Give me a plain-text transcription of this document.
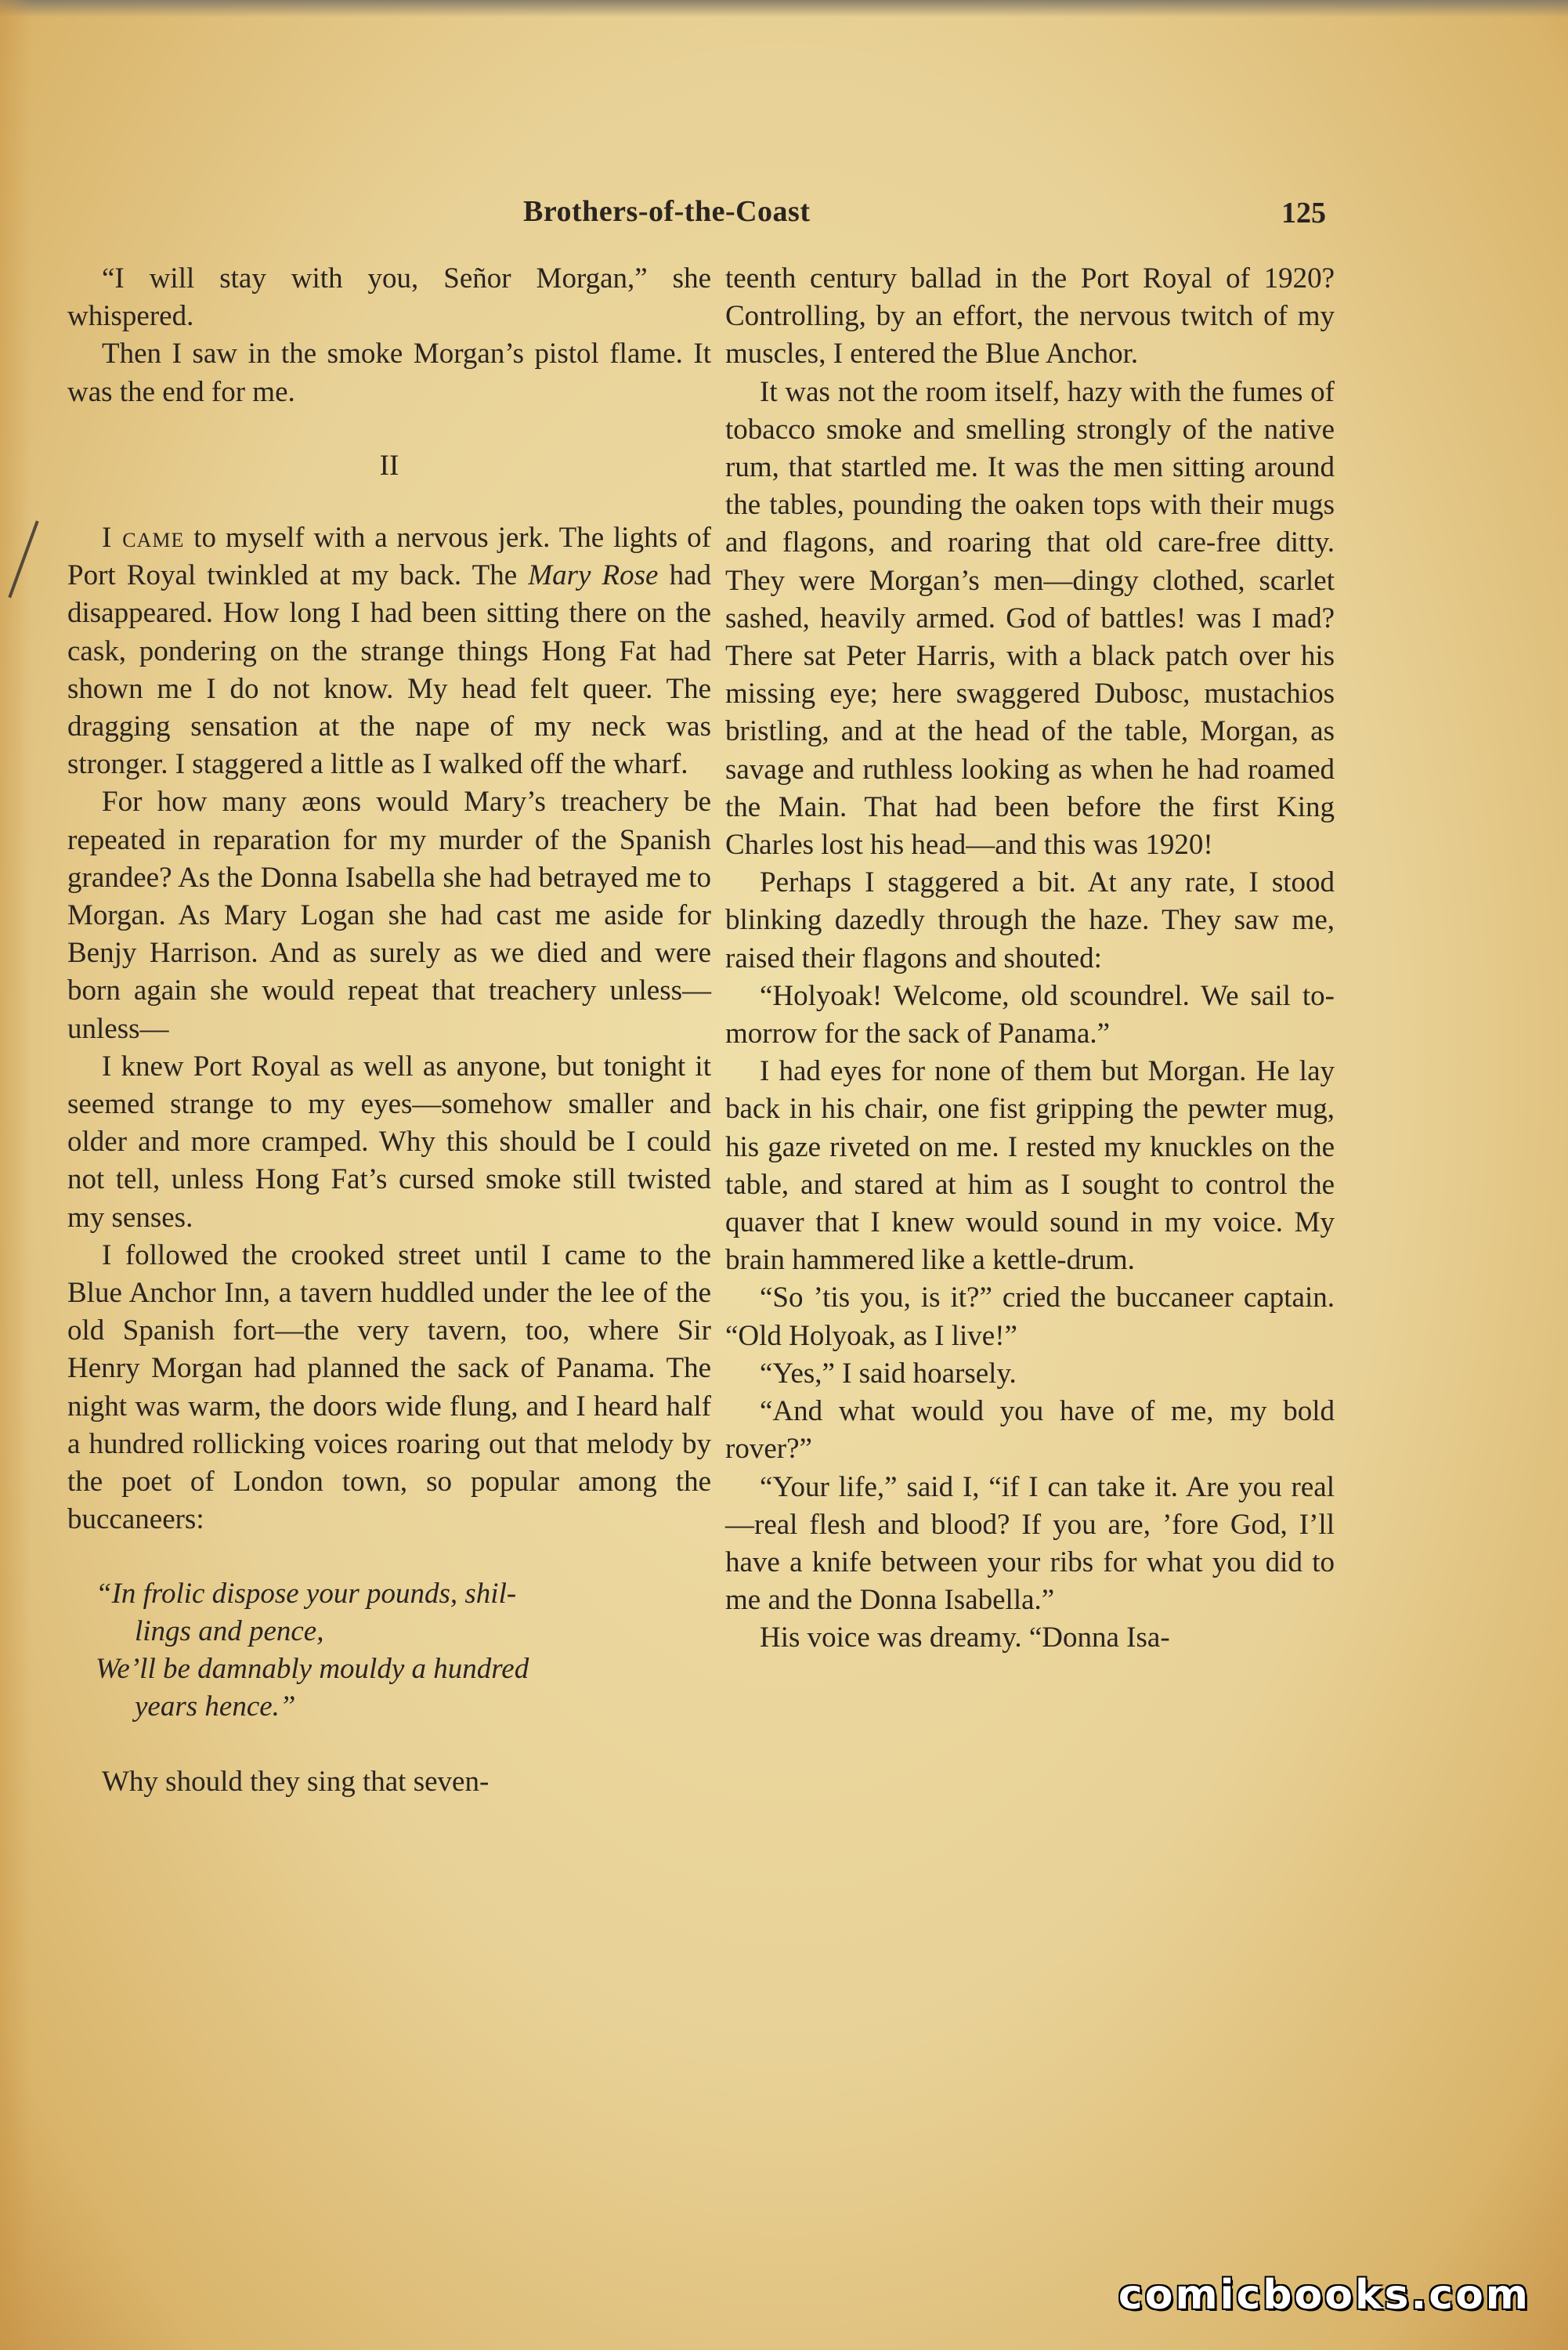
Brothers-of-the-Coast	125

“I will stay with you, Señor Morgan,” she whispered.

Then I saw in the smoke Morgan’s pistol flame. It was the end for me.

II

I came to myself with a nervous jerk. The lights of Port Royal twinkled at my back. The Mary Rose had disappeared. How long I had been sitting there on the cask, pondering on the strange things Hong Fat had shown me I do not know. My head felt queer. The dragging sensation at the nape of my neck was stronger. I staggered a little as I walked off the wharf.

For how many æons would Mary’s treachery be repeated in reparation for my murder of the Spanish grandee? As the Donna Isabella she had betrayed me to Morgan. As Mary Logan she had cast me aside for Benjy Harrison. And as surely as we died and were born again she would repeat that treachery unless—unless—

I knew Port Royal as well as anyone, but tonight it seemed strange to my eyes—somehow smaller and older and more cramped. Why this should be I could not tell, unless Hong Fat’s cursed smoke still twisted my senses.

I followed the crooked street until I came to the Blue Anchor Inn, a tavern huddled under the lee of the old Spanish fort—the very tavern, too, where Sir Henry Morgan had planned the sack of Panama. The night was warm, the doors wide flung, and I heard half a hundred rollicking voices roaring out that melody by the poet of London town, so popular among the buccaneers:

“In frolic dispose your pounds, shil-
lings and pence,
We’ll be damnably mouldy a hundred
years hence.”

Why should they sing that seven-

teenth century ballad in the Port Royal of 1920? Controlling, by an effort, the nervous twitch of my muscles, I entered the Blue Anchor.

It was not the room itself, hazy with the fumes of tobacco smoke and smelling strongly of the native rum, that startled me. It was the men sitting around the tables, pounding the oaken tops with their mugs and flagons, and roaring that old care-free ditty. They were Morgan’s men—dingy clothed, scarlet sashed, heavily armed. God of battles! was I mad? There sat Peter Harris, with a black patch over his missing eye; here swaggered Dubosc, mustachios bristling, and at the head of the table, Morgan, as savage and ruthless looking as when he had roamed the Main. That had been before the first King Charles lost his head—and this was 1920!

Perhaps I staggered a bit. At any rate, I stood blinking dazedly through the haze. They saw me, raised their flagons and shouted:

“Holyoak! Welcome, old scoundrel. We sail to-morrow for the sack of Panama.”

I had eyes for none of them but Morgan. He lay back in his chair, one fist gripping the pewter mug, his gaze riveted on me. I rested my knuckles on the table, and stared at him as I sought to control the quaver that I knew would sound in my voice. My brain hammered like a kettle-drum.

“So ’tis you, is it?” cried the buccaneer captain. “Old Holyoak, as I live!”

“Yes,” I said hoarsely.

“And what would you have of me, my bold rover?”

“Your life,” said I, “if I can take it. Are you real—real flesh and blood? If you are, ’fore God, I’ll have a knife between your ribs for what you did to me and the Donna Isabella.”

His voice was dreamy. “Donna Isa-

comicbooks.com
